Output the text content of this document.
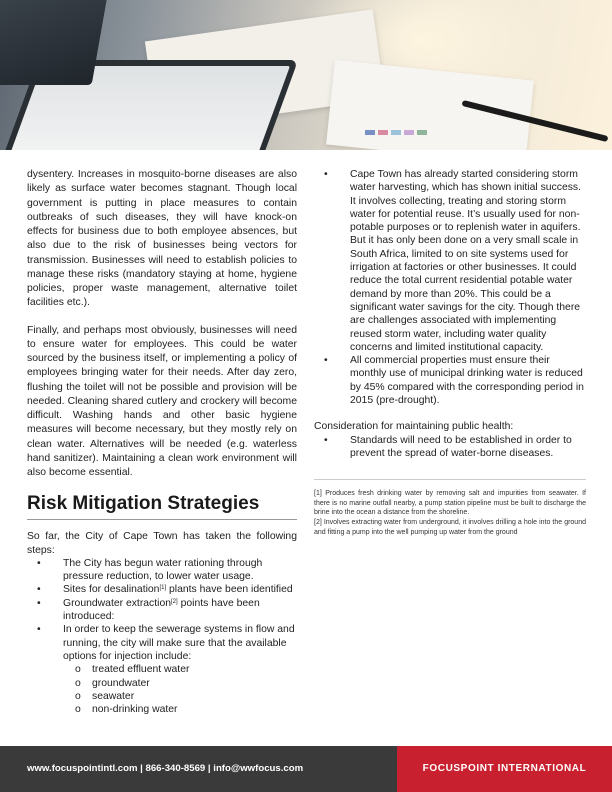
dysentery. Increases in mosquito-borne diseases are also likely as surface water becomes stagnant. Though local government is putting in place measures to contain outbreaks of such diseases, they will have knock-on effects for business due to both employee absences, but also due to the risk of businesses being vectors for transmission. Businesses will need to establish policies to manage these risks (mandatory staying at home, hygiene policies, proper waste management, alternative toilet facilities etc.).

Finally, and perhaps most obviously, businesses will need to ensure water for employees. This could be water sourced by the business itself, or implementing a policy of employees bringing water for their needs. After day zero, flushing the toilet will not be possible and provision will be needed. Cleaning shared cutlery and crockery will become difficult. Washing hands and other basic hygiene measures will become necessary, but they mostly rely on clean water. Alternatives will be needed (e.g. waterless hand sanitizer). Maintaining a clean work environment will also become essential.

Risk Mitigation Strategies

So far, the City of Cape Town has taken the following steps:

• The City has begun water rationing through pressure reduction, to lower water usage.
• Sites for desalination[1] plants have been identified
• Groundwater extraction[2] points have been introduced:
• In order to keep the sewerage systems in flow and running, the city will make sure that the available options for injection include:
o treated effluent water
o groundwater
o seawater
o non-drinking water
• Cape Town has already started considering storm water harvesting, which has shown initial success. It involves collecting, treating and storing storm water for potential reuse. It’s usually used for non-potable purposes or to replenish water in aquifers. But it has only been done on a very small scale in South Africa, limited to on site systems used for irrigation at factories or other businesses. It could reduce the total current residential potable water demand by more than 20%. This could be a significant water savings for the city. Though there are challenges associated with implementing reused storm water, including water quality concerns and limited institutional capacity.
• All commercial properties must ensure their monthly use of municipal drinking water is reduced by 45% compared with the corresponding period in 2015 (pre-drought).

Consideration for maintaining public health:

• Standards will need to be established in order to prevent the spread of water-borne diseases.

[1] Produces fresh drinking water by removing salt and impurities from seawater. If there is no marine outfall nearby, a pump station pipeline must be built to discharge the brine into the ocean a distance from the shoreline.

[2] Involves extracting water from underground, it involves drilling a hole into the ground and fitting a pump into the well pumping up water from the ground

www.focuspointintl.com | 866-340-8569 | info@wwfocus.com	FOCUSPOINT INTERNATIONAL
